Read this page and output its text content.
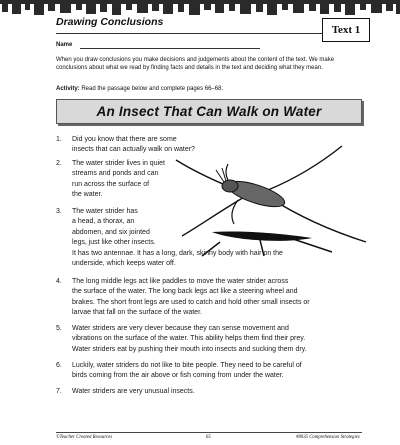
Drawing Conclusions
Text 1
Name
When you draw conclusions you make decisions and judgements about the content of the text. We make conclusions about what we read by finding facts and details in the text and deciding what they mean.
Activity: Read the passage below and complete pages 66–68.
An Insect That Can Walk on Water
1. Did you know that there are some
insects that can actually walk on water?
2. The water strider lives in quiet
streams and ponds and can
run across the surface of
the water.
3. The water strider has
a head, a thorax, an
abdomen, and six jointed
legs, just like other insects.
It has two antennae. It has a long, dark, skinny body with hair on the
underside, which keeps water off.
4. The long middle legs act like paddles to move the water strider across
the surface of the water. The long back legs act like a steering wheel and
brakes. The short front legs are used to catch and hold other small insects or
larvae that fall on the surface of the water.
5. Water striders are very clever because they can sense movement and
vibrations on the surface of the water. This ability helps them find their prey.
Water striders eat by pushing their mouth into insects and sucking them dry.
6. Luckily, water striders do not like to bite people. They need to be careful of
birds coming from the air above or fish coming from under the water.
7. Water striders are very unusual insects.
©Teacher Created Resources	65	#8035 Comprehension Strategies
